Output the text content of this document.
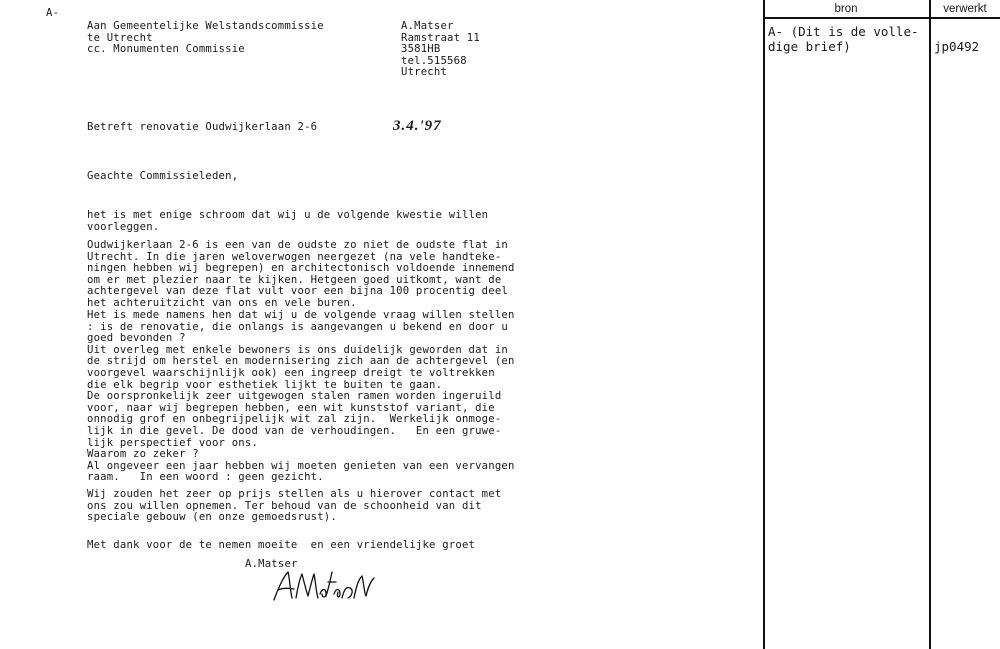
A-
Aan Gemeentelijke Welstandscommissie
te Utrecht
cc. Monumenten Commissie
A.Matser
Ramstraat 11
3581HB
tel.515568
Utrecht
Betreft renovatie Oudwijkerlaan 2-6	3.4.'97
Geachte Commissieleden,
het is met enige schroom dat wij u de volgende kwestie willen
voorleggen.
Oudwijkerlaan 2-6 is een van de oudste zo niet de oudste flat in
Utrecht. In die jaren weloverwogen neergezet (na vele handteke-
ningen hebben wij begrepen) en architectonisch voldoende innemend
om er met plezier naar te kijken. Hetgeen goed uitkomt, want de
achtergevel van deze flat vult voor een bijna 100 procentig deel
het achteruitzicht van ons en vele buren.
Het is mede namens hen dat wij u de volgende vraag willen stellen
: is de renovatie, die onlangs is aangevangen u bekend en door u
goed bevonden ?
Uit overleg met enkele bewoners is ons duidelijk geworden dat in
de strijd om herstel en modernisering zich aan de achtergevel (en
voorgevel waarschijnlijk ook) een ingreep dreigt te voltrekken
die elk begrip voor esthetiek lijkt te buiten te gaan.
De oorspronkelijk zeer uitgewogen stalen ramen worden ingeruild
voor, naar wij begrepen hebben, een wit kunststof variant, die
onnodig grof en onbegrijpelijk wit zal zijn.  Werkelijk onmoge-
lijk in die gevel. De dood van de verhoudingen.   En een gruwe-
lijk perspectief voor ons.
Waarom zo zeker ?
Al ongeveer een jaar hebben wij moeten genieten van een vervangen
raam.   In een woord : geen gezicht.
Wij zouden het zeer op prijs stellen als u hierover contact met
ons zou willen opnemen. Ter behoud van de schoonheid van dit
speciale gebouw (en onze gemoedsrust).
Met dank voor de te nemen moeite  en een vriendelijke groet
A.Matser
bron	verwerkt
A- (Dit is de volle-
dige brief)	jp0492
